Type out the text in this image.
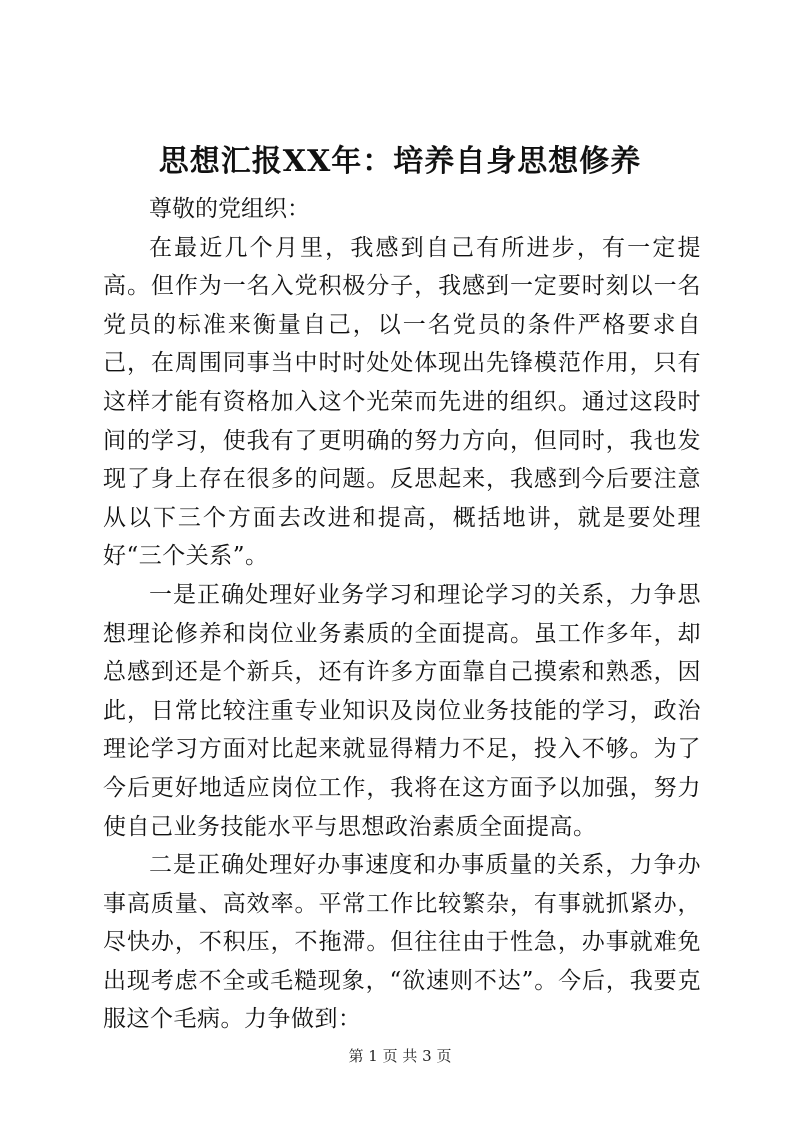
思想汇报XX年：培养自身思想修养

尊敬的党组织：

在最近几个月里，我感到自己有所进步，有一定提高。但作为一名入党积极分子，我感到一定要时刻以一名党员的标准来衡量自己，以一名党员的条件严格要求自己，在周围同事当中时时处处体现出先锋模范作用，只有这样才能有资格加入这个光荣而先进的组织。通过这段时间的学习，使我有了更明确的努力方向，但同时，我也发现了身上存在很多的问题。反思起来，我感到今后要注意从以下三个方面去改进和提高，概括地讲，就是要处理好“三个关系”。

一是正确处理好业务学习和理论学习的关系，力争思想理论修养和岗位业务素质的全面提高。虽工作多年，却总感到还是个新兵，还有许多方面靠自己摸索和熟悉，因此，日常比较注重专业知识及岗位业务技能的学习，政治理论学习方面对比起来就显得精力不足，投入不够。为了今后更好地适应岗位工作，我将在这方面予以加强，努力使自己业务技能水平与思想政治素质全面提高。

二是正确处理好办事速度和办事质量的关系，力争办事高质量、高效率。平常工作比较繁杂，有事就抓紧办，尽快办，不积压，不拖滞。但往往由于性急，办事就难免出现考虑不全或毛糙现象，“欲速则不达”。今后，我要克服这个毛病。力争做到：

第 1 页 共 3 页
